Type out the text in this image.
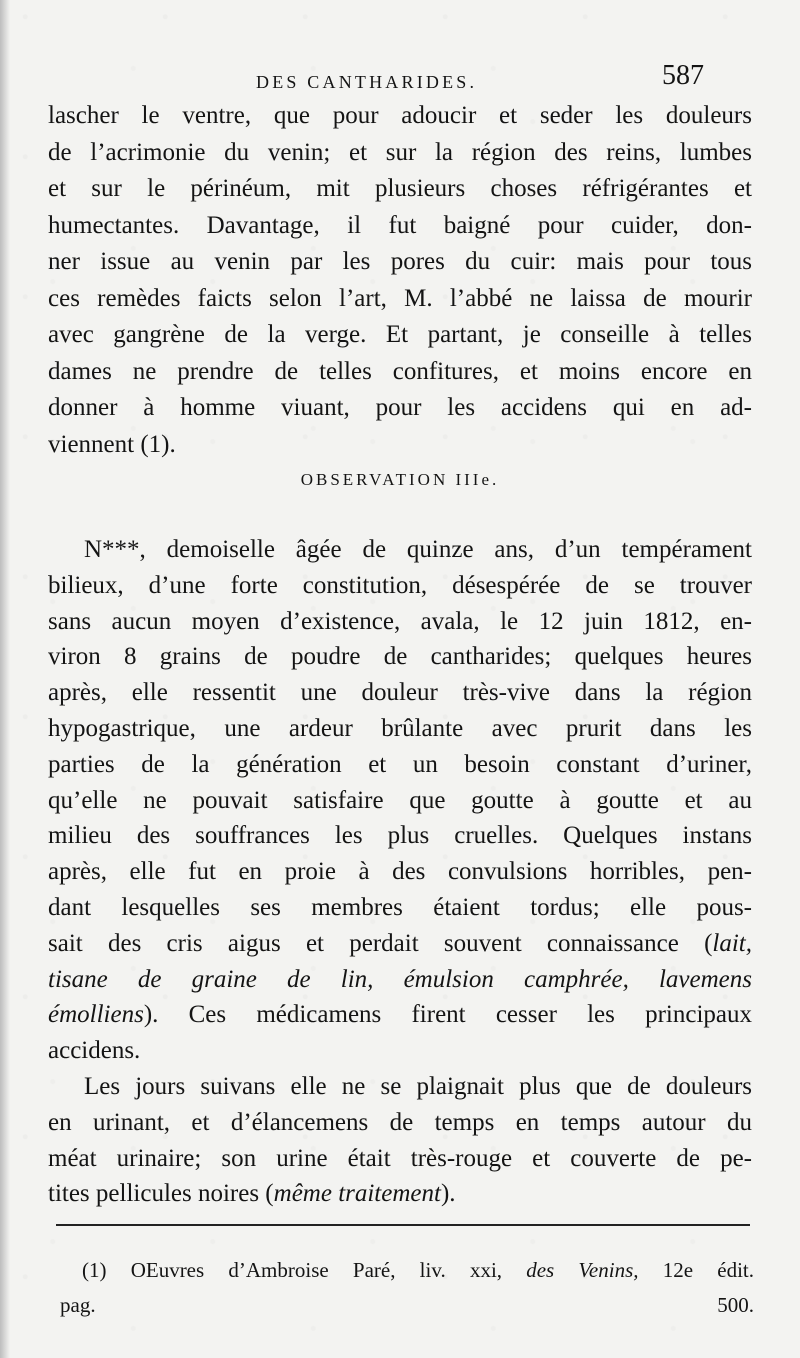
DES CANTHARIDES.	587
lascher le ventre, que pour adoucir et seder les douleurs
de l’acrimonie du venin; et sur la région des reins, lumbes
et sur le périnéum, mit plusieurs choses réfrigérantes et
humectantes. Davantage, il fut baigné pour cuider, don-
ner issue au venin par les pores du cuir: mais pour tous
ces remèdes faicts selon l’art, M. l’abbé ne laissa de mourir
avec gangrène de la verge. Et partant, je conseille à telles
dames ne prendre de telles confitures, et moins encore en
donner à homme viuant, pour les accidens qui en ad-
viennent (1).
OBSERVATION IIIe.
N***, demoiselle âgée de quinze ans, d’un tempérament
bilieux, d’une forte constitution, désespérée de se trouver
sans aucun moyen d’existence, avala, le 12 juin 1812, en-
viron 8 grains de poudre de cantharides; quelques heures
après, elle ressentit une douleur très-vive dans la région
hypogastrique, une ardeur brûlante avec prurit dans les
parties de la génération et un besoin constant d’uriner,
qu’elle ne pouvait satisfaire que goutte à goutte et au
milieu des souffrances les plus cruelles. Quelques instans
après, elle fut en proie à des convulsions horribles, pen-
dant lesquelles ses membres étaient tordus; elle pous-
sait des cris aigus et perdait souvent connaissance (lait,
tisane de graine de lin, émulsion camphrée, lavemens
émolliens). Ces médicamens firent cesser les principaux
accidens.
Les jours suivans elle ne se plaignait plus que de douleurs
en urinant, et d’élancemens de temps en temps autour du
méat urinaire; son urine était très-rouge et couverte de pe-
tites pellicules noires (même traitement).
(1) OEuvres d’Ambroise Paré, liv. xxi, des Venins, 12e édit.
pag. 500.
